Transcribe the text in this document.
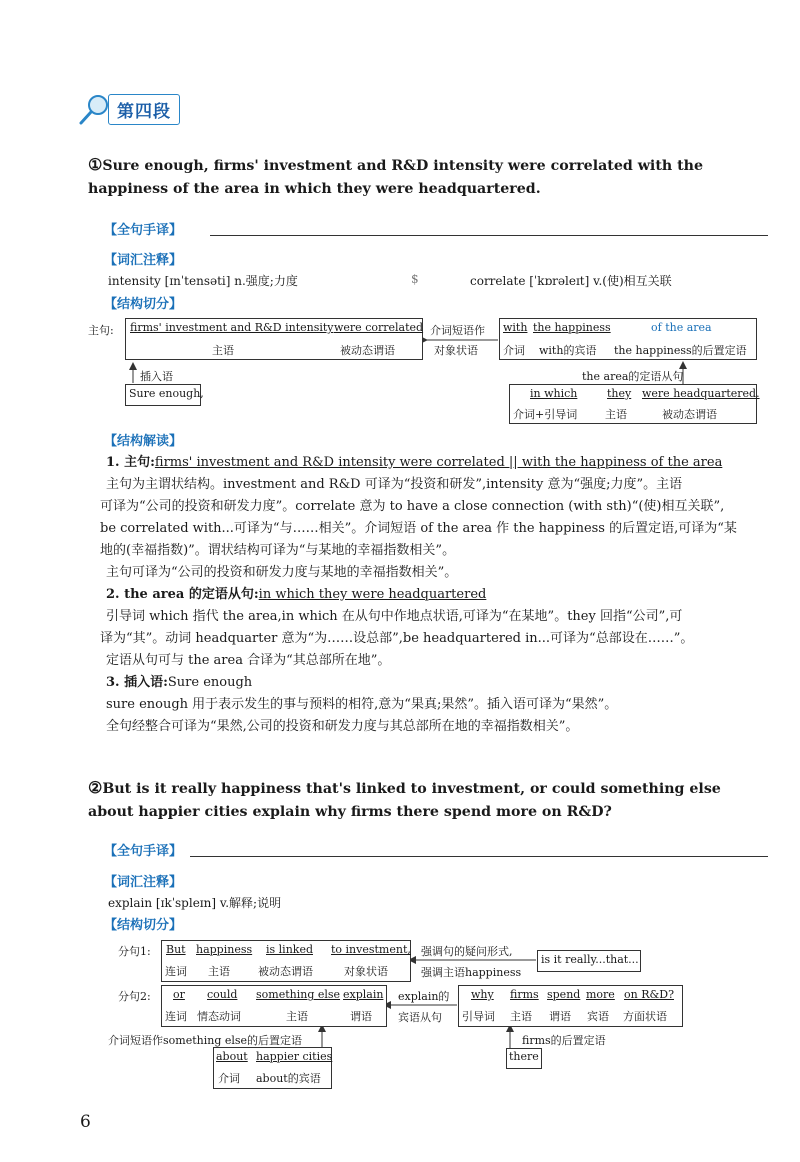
第四段
①Sure enough, firms' investment and R&D intensity were correlated with the happiness of the area in which they were headquartered.
【全句手译】
【词汇注释】
intensity [ɪnˈtensəti] n.强度;力度	$	correlate [ˈkɒrəleɪt] v.(使)相互关联
【结构切分】
主句: firms' investment and R&D intensity
主语
were correlated
被动态谓语
介词短语作
对象状语
with the happiness	of the area
介词 with的宾语 the happiness的后置定语
插入语
Sure enough,
the area的定语从句
in which	they were headquartered.
介词+引导词	主语	被动态谓语
【结构解读】
1. 主句:firms' investment and R&D intensity were correlated || with the happiness of the area
主句为主谓状结构。investment and R&D 可译为“投资和研发”,intensity 意为“强度;力度”。主语
可译为“公司的投资和研发力度”。correlate 意为 to have a close connection (with sth)“(使)相互关联”,
be correlated with...可译为“与……相关”。介词短语 of the area 作 the happiness 的后置定语,可译为“某
地的(幸福指数)”。谓状结构可译为“与某地的幸福指数相关”。
主句可译为“公司的投资和研发力度与某地的幸福指数相关”。
2. the area 的定语从句:in which they were headquartered
引导词 which 指代 the area,in which 在从句中作地点状语,可译为“在某地”。they 回指“公司”,可
译为“其”。动词 headquarter 意为“为……设总部”,be headquartered in...可译为“总部设在……”。
定语从句可与 the area 合译为“其总部所在地”。
3. 插入语:Sure enough
sure enough 用于表示发生的事与预料的相符,意为“果真;果然”。插入语可译为“果然”。
全句经整合可译为“果然,公司的投资和研发力度与其总部所在地的幸福指数相关”。
②But is it really happiness that's linked to investment, or could something else about happier cities explain why firms there spend more on R&D?
【全句手译】
【词汇注释】
explain [ɪkˈspleɪn] v.解释;说明
【结构切分】
分句1: But
连词
happiness
主语
is linked
被动态谓语
to investment,
对象状语
强调句的疑问形式,
强调主语happiness
is it really...that...
分句2: or
连词
could
情态动词
something else
主语
explain
谓语
explain的
宾语从句
why
引导词
firms
主语
spend
谓语
more
宾语
on R&D?
方面状语
介词短语作something else的后置定语
about
介词
happier cities
about的宾语
firms的后置定语
there
6
